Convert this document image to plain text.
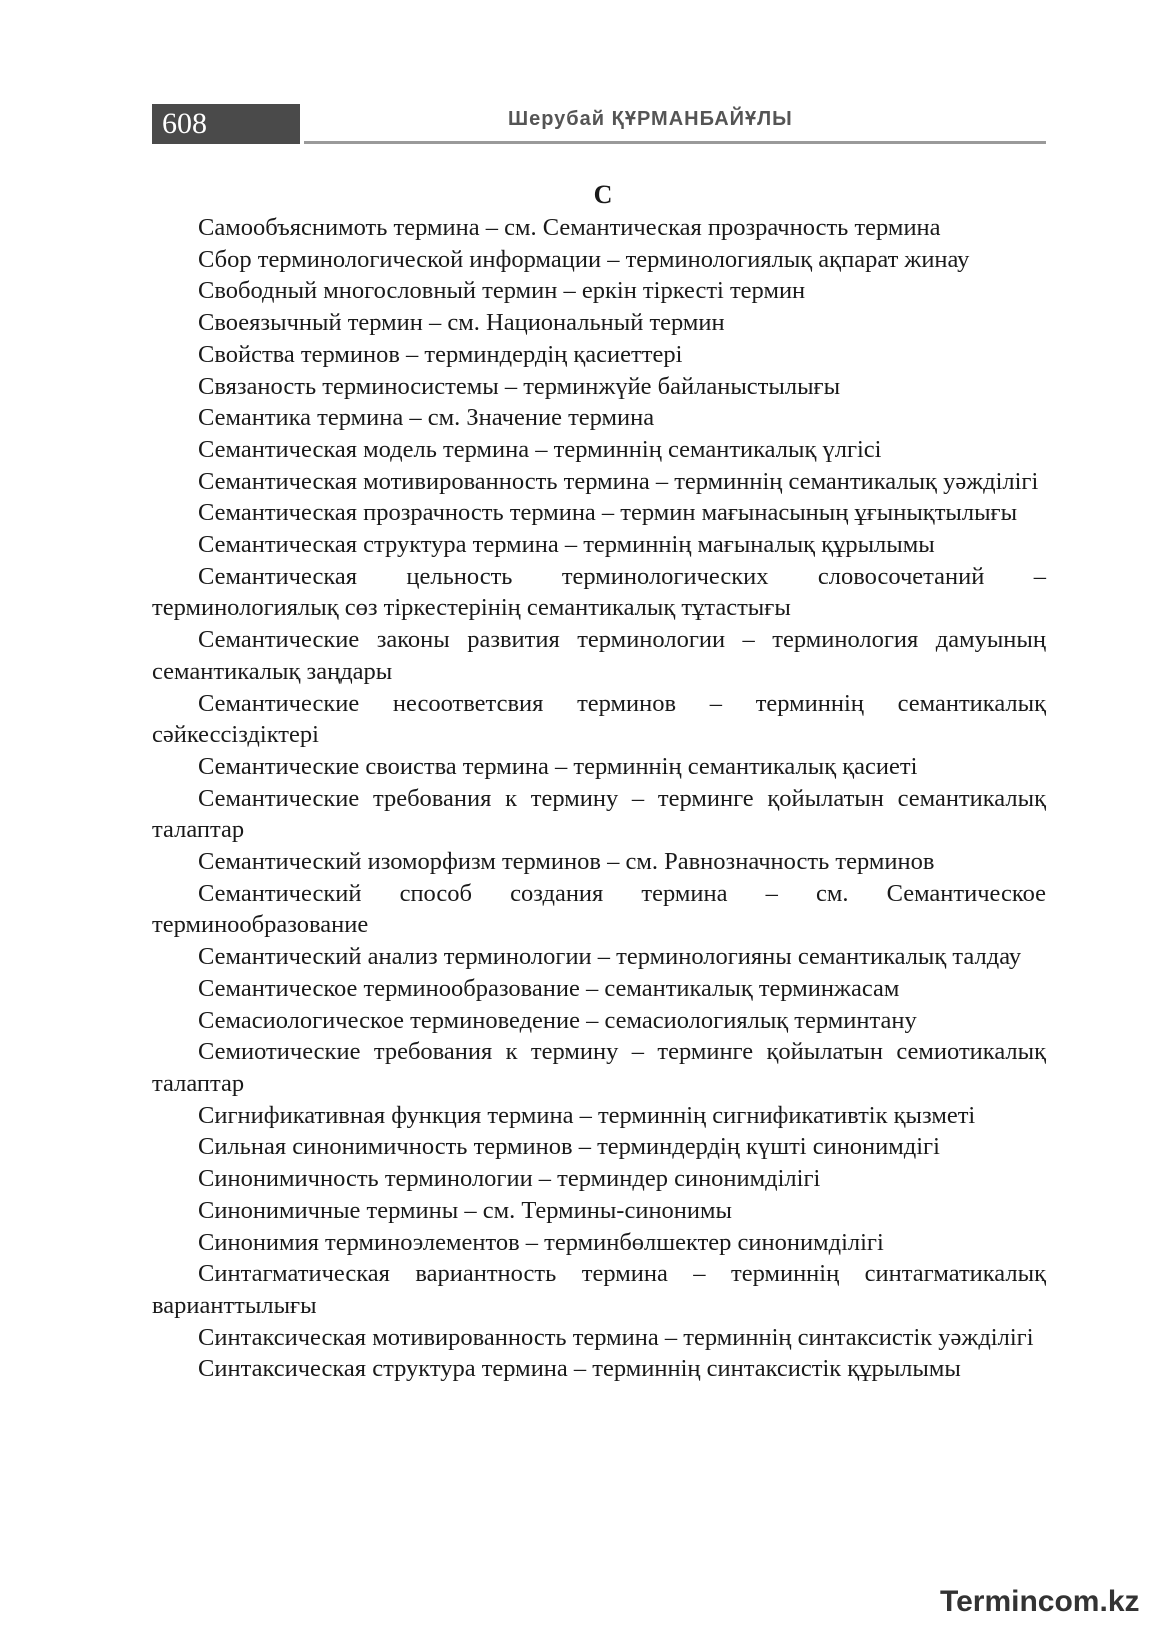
608	Шерубай ҚҰРМАНБАЙҰЛЫ
С

Самообъяснимоть термина – см. Семантическая прозрачность термина

Сбор терминологической информации – терминологиялық ақпарат жинау

Свободный многословный термин – еркін тіркесті термин

Своеязычный термин – см. Национальный термин

Свойства терминов – терминдердің қасиеттері

Связаность терминосистемы – терминжүйе байланыстылығы

Семантика термина – см. Значение термина

Семантическая модель термина – терминнің семантикалық үлгісі

Семантическая мотивированность термина – терминнің семантикалық уәжділігі

Семантическая прозрачность термина – термин мағынасының ұғынықтылығы

Семантическая структура термина – терминнің мағыналық құрылымы

Семантическая цельность терминологических словосочетаний – терминологиялық сөз тіркестерінің семантикалық тұтастығы

Семантические законы развития терминологии – терминология дамуының семантикалық заңдары

Семантические несоответсвия терминов – терминнің семантикалық сәйкессіздіктері

Семантические своиства термина – терминнің семантикалық қасиеті

Семантические требования к термину – терминге қойылатын семантикалық талаптар

Семантический изоморфизм терминов – см. Равнозначность терминов

Семантический способ создания термина – см. Семантическое терминообразование

Семантический анализ терминологии – терминологияны семантикалық талдау

Семантическое терминообразование – семантикалық терминжасам

Семасиологическое терминоведение – семасиологиялық терминтану

Семиотические требования к термину – терминге қойылатын семиотикалық талаптар

Сигнификативная функция термина – терминнің сигнификативтік қызметі

Сильная синонимичность терминов – терминдердің күшті синонимдігі

Синонимичность терминологии – терминдер синонимділігі

Синонимичные термины – см. Термины-синонимы

Синонимия терминоэлементов – терминбөлшектер синонимділігі

Синтагматическая вариантность термина – терминнің синтагматикалық варианттылығы

Синтаксическая мотивированность термина – терминнің синтаксистік уәжділігі

Синтаксическая структура термина – терминнің синтаксистік құрылымы

Termincom.kz
